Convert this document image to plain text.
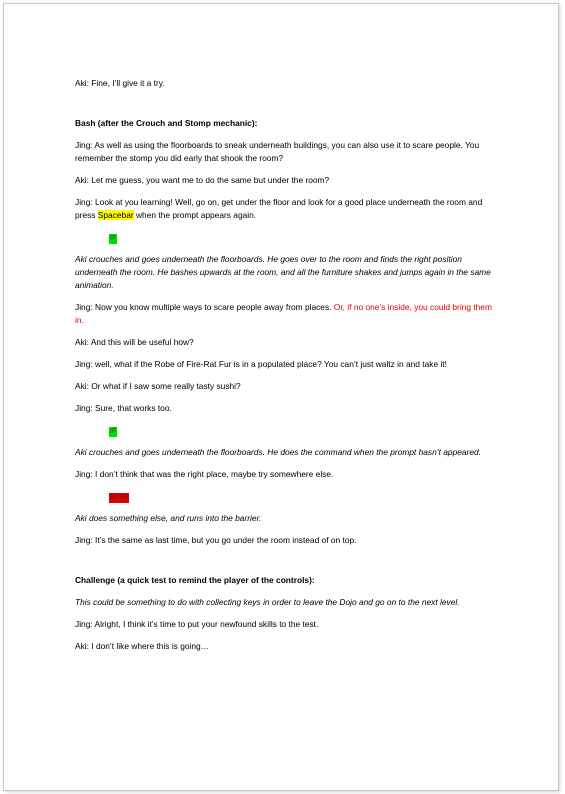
Aki: Fine, I’ll give it a try.

Bash (after the Crouch and Stomp mechanic):

Jing: As well as using the floorboards to sneak underneath buildings, you can also use it to scare people. You remember the stomp you did early that shook the room?

Aki: Let me guess, you want me to do the same but under the room?

Jing: Look at you learning! Well, go on, get under the floor and look for a good place underneath the room and press Spacebar when the prompt appears again.

IF

Aki crouches and goes underneath the floorboards. He goes over to the room and finds the right position underneath the room. He bashes upwards at the room, and all the furniture shakes and jumps again in the same animation.

Jing: Now you know multiple ways to scare people away from places. Or, if no one’s inside, you could bring them in.

Aki: And this will be useful how?

Jing: well, what if the Robe of Fire-Rat Fur is in a populated place? You can’t just waltz in and take it!

Aki: Or what if I saw some really tasty sushi?

Jing: Sure, that works too.

IF

Aki crouches and goes underneath the floorboards. He does the command when the prompt hasn’t appeared.

Jing: I don’t think that was the right place, maybe try somewhere else.

ELSE

Aki does something else, and runs into the barrier.

Jing: It’s the same as last time, but you go under the room instead of on top.

Challenge (a quick test to remind the player of the controls):

This could be something to do with collecting keys in order to leave the Dojo and go on to the next level.

Jing: Alright, I think it’s time to put your newfound skills to the test.

Aki: I don’t like where this is going…
